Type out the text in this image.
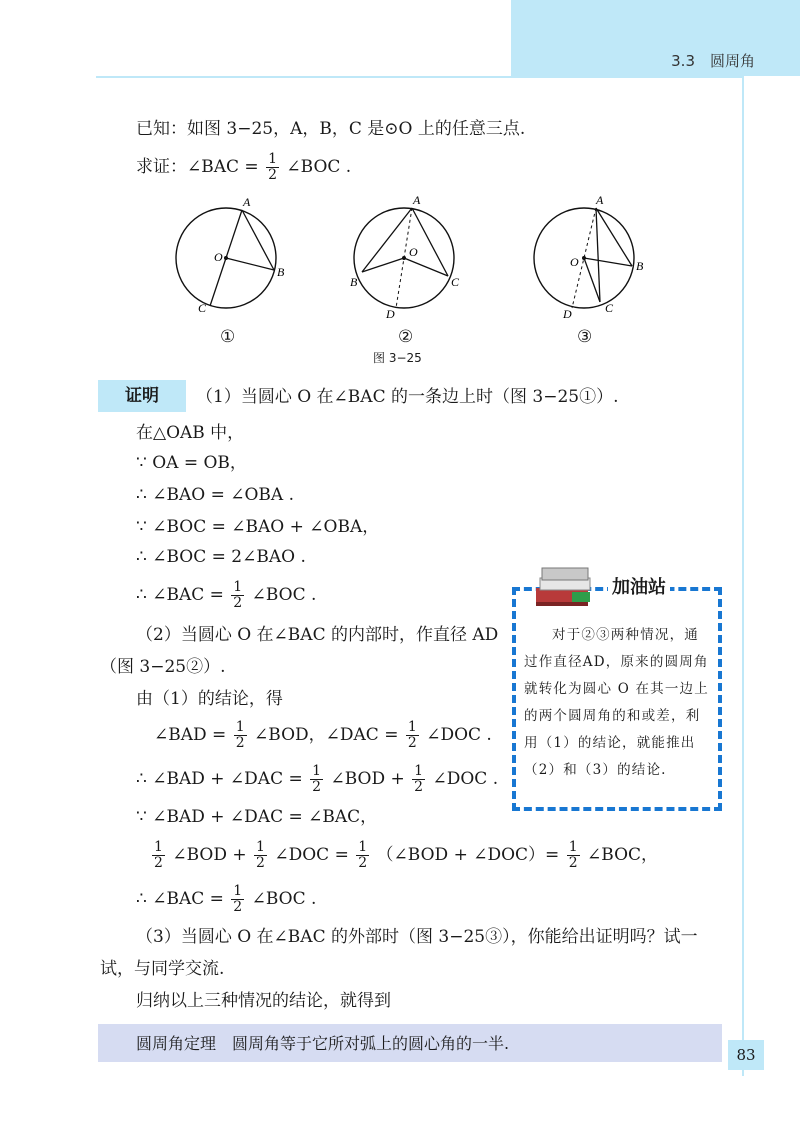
3.3　圆周角
已知：如图 3−25，A，B，C 是⊙O 上的任意三点.
求证：∠BAC = $\frac{1}{2}$ ∠BOC .
A
O
B
C
A
O
B	C
D
A
O	B
C
D
①	②	③
图 3−25
证明	（1）当圆心 O 在∠BAC 的一条边上时（图 3−25①）.
在△OAB 中，
∵ OA = OB，
∴ ∠BAO = ∠OBA .
∵ ∠BOC = ∠BAO + ∠OBA，
∴ ∠BOC = 2∠BAO .
∴ ∠BAC = $\frac{1}{2}$ ∠BOC .
（2）当圆心 O 在∠BAC 的内部时，作直径 AD
（图 3−25②）.
由（1）的结论，得
∠BAD = $\frac{1}{2}$ ∠BOD，∠DAC = $\frac{1}{2}$ ∠DOC .
∴ ∠BAD + ∠DAC = $\frac{1}{2}$ ∠BOD + $\frac{1}{2}$ ∠DOC .
∵ ∠BAD + ∠DAC = ∠BAC，
$\frac{1}{2}$ ∠BOD + $\frac{1}{2}$ ∠DOC = $\frac{1}{2}$ （∠BOD + ∠DOC）= $\frac{1}{2}$ ∠BOC，
∴ ∠BAC = $\frac{1}{2}$ ∠BOC .
（3）当圆心 O 在∠BAC 的外部时（图 3−25③），你能给出证明吗？试一
试，与同学交流.
归纳以上三种情况的结论，就得到
加油站
对于②③两种情况，通过作直径AD，原来的圆周角就转化为圆心 O 在其一边上的两个圆周角的和或差，利用（1）的结论，就能推出（2）和（3）的结论.
圆周角定理　圆周角等于它所对弧上的圆心角的一半.
83
